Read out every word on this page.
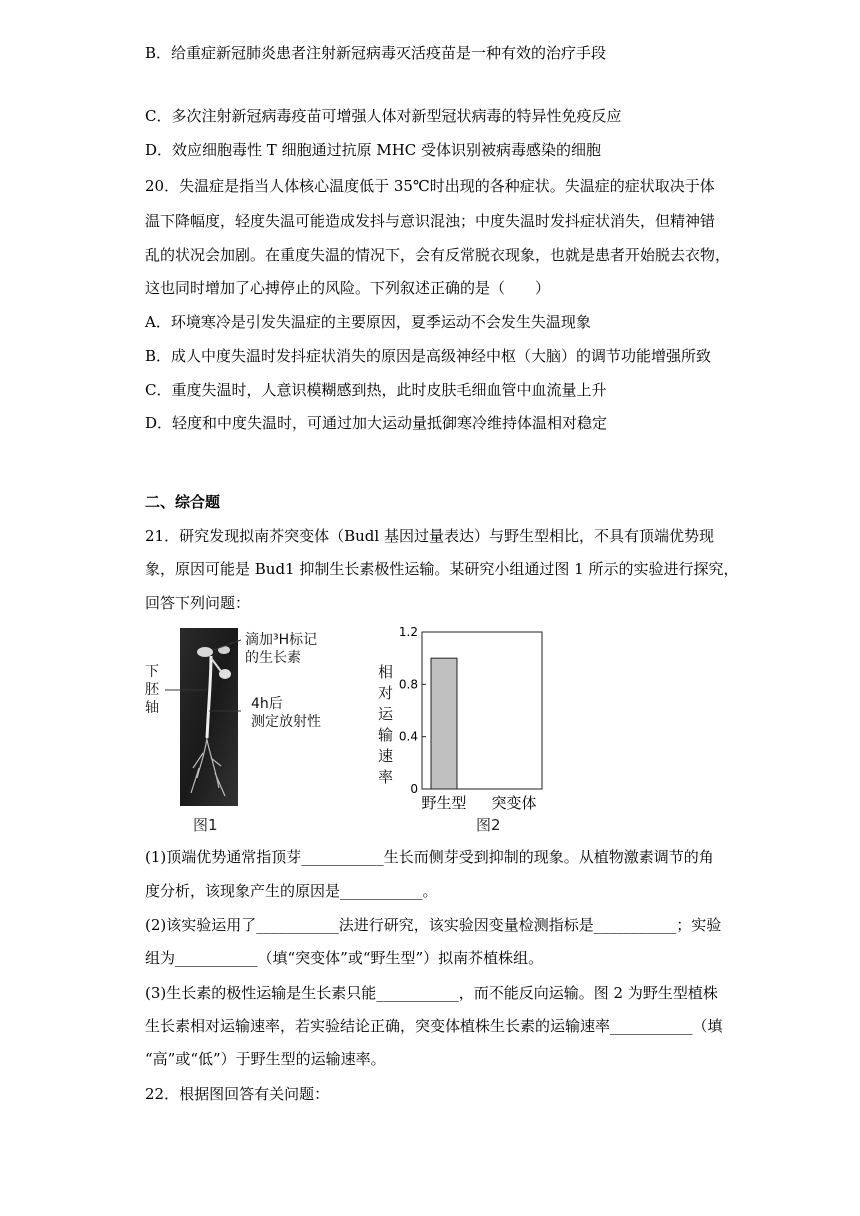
B．给重症新冠肺炎患者注射新冠病毒灭活疫苗是一种有效的治疗手段
C．多次注射新冠病毒疫苗可增强人体对新型冠状病毒的特异性免疫反应
D．效应细胞毒性 T 细胞通过抗原 MHC 受体识别被病毒感染的细胞
20．失温症是指当人体核心温度低于 35℃时出现的各种症状。失温症的症状取决于体
温下降幅度，轻度失温可能造成发抖与意识混浊；中度失温时发抖症状消失，但精神错
乱的状况会加剧。在重度失温的情况下，会有反常脱衣现象，也就是患者开始脱去衣物，
这也同时增加了心搏停止的风险。下列叙述正确的是（　　）
A．环境寒冷是引发失温症的主要原因，夏季运动不会发生失温现象
B．成人中度失温时发抖症状消失的原因是高级神经中枢（大脑）的调节功能增强所致
C．重度失温时，人意识模糊感到热，此时皮肤毛细血管中血流量上升
D．轻度和中度失温时，可通过加大运动量抵御寒冷维持体温相对稳定
二、综合题
21．研究发现拟南芥突变体（Budl 基因过量表达）与野生型相比，不具有顶端优势现
象，原因可能是 Bud1 抑制生长素极性运输。某研究小组通过图 1 所示的实验进行探究，
回答下列问题：
滴加³H标记
的生长素
下
胚
轴	4h后
测定放射性
图1
0
0.4
0.8
1.2
野生型 突变体
相对运输速率
图2
(1)顶端优势通常指顶芽___________生长而侧芽受到抑制的现象。从植物激素调节的角
度分析，该现象产生的原因是___________。
(2)该实验运用了___________法进行研究，该实验因变量检测指标是___________；实验
组为___________（填“突变体”或“野生型”）拟南芥植株组。
(3)生长素的极性运输是生长素只能___________，而不能反向运输。图 2 为野生型植株
生长素相对运输速率，若实验结论正确，突变体植株生长素的运输速率___________（填
“高”或“低”）于野生型的运输速率。
22．根据图回答有关问题：
